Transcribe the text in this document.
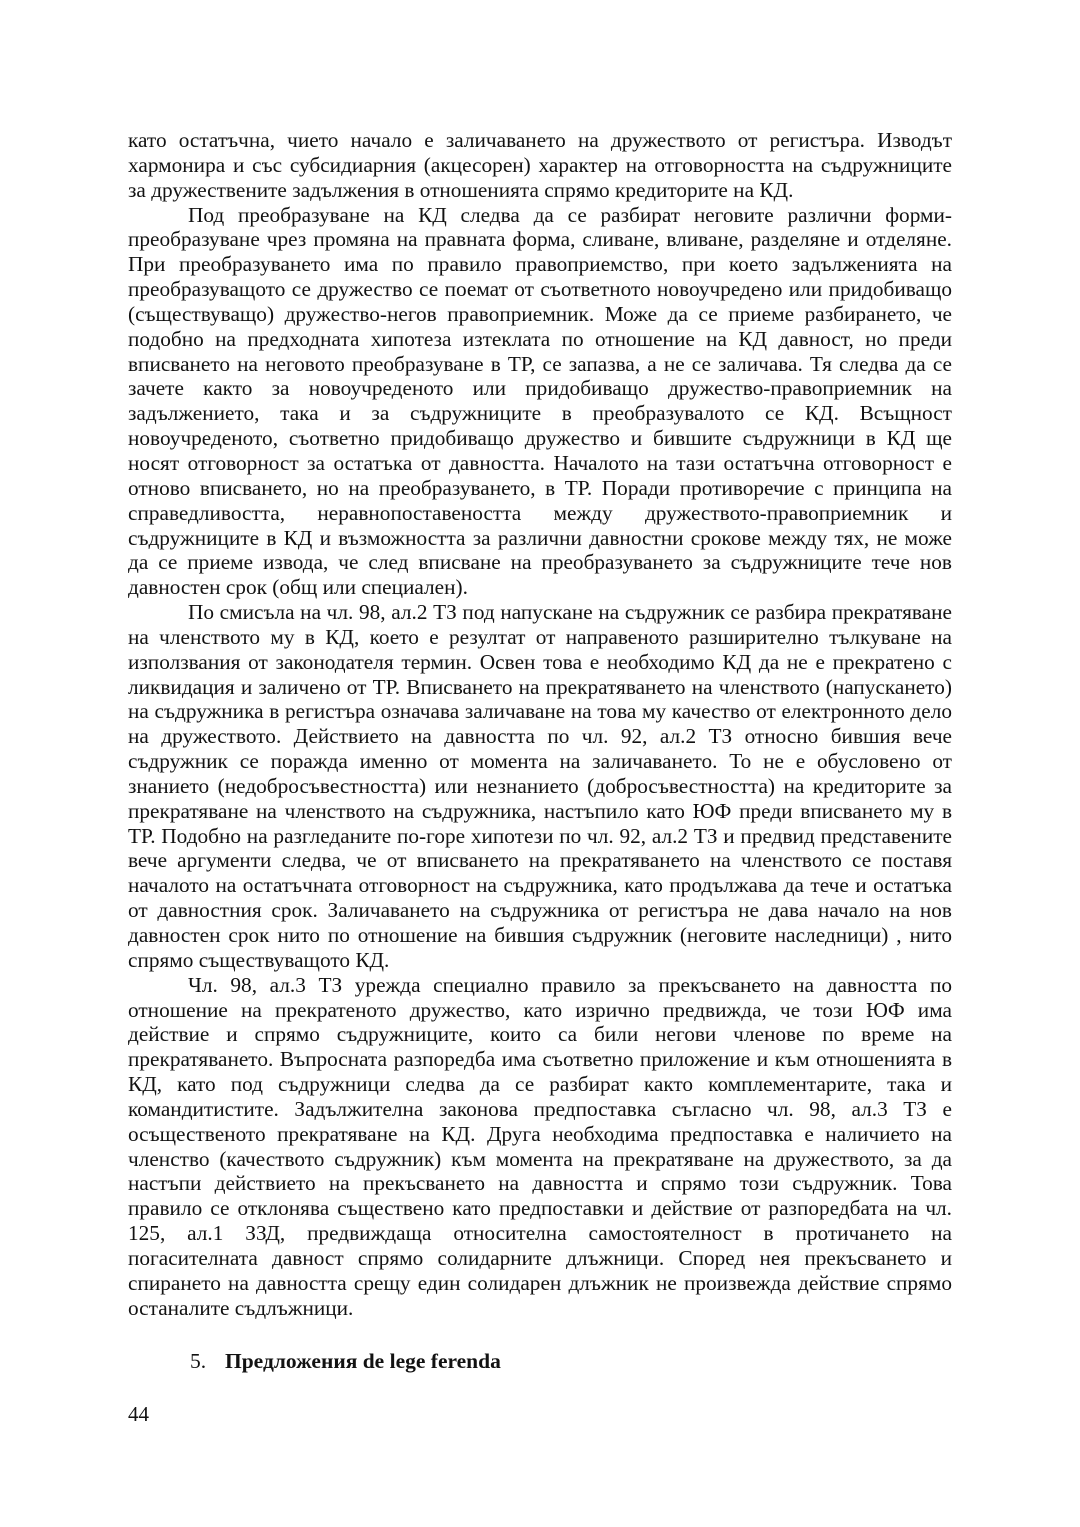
като остатъчна, чието начало е заличаването на дружеството от регистъра. Изводът хармонира и със субсидиарния (акцесорен) характер на отговорността на съдружниците за дружествените задължения в отношенията спрямо кредиторите на КД.

Под преобразуване на КД следва да се разбират неговите различни форми-преобразуване чрез промяна на правната форма, сливане, вливане, разделяне и отделяне. При преобразуването има по правило правоприемство, при което задълженията на преобразуващото се дружество се поемат от съответното новоучредено или придобиващо (съществуващо) дружество-негов правоприемник. Може да се приеме разбирането, че подобно на предходната хипотеза изтеклата по отношение на КД давност, но преди вписването на неговото преобразуване в ТР, се запазва, а не се заличава. Тя следва да се зачете както за новоучреденото или придобиващо дружество-правоприемник на задължението, така и за съдружниците в преобразувалото се КД. Всъщност новоучреденото, съответно придобиващо дружество и бившите съдружници в КД ще носят отговорност за остатъка от давността. Началото на тази остатъчна отговорност е отново вписването, но на преобразуването, в ТР. Поради противоречие с принципа на справедливостта, неравнопоставеността между дружеството-правоприемник и съдружниците в КД и възможността за различни давностни срокове между тях, не може да се приеме извода, че след вписване на преобразуването за съдружниците тече нов давностен срок (общ или специален).

По смисъла на чл. 98, ал.2 ТЗ под напускане на съдружник се разбира прекратяване на членството му в КД, което е резултат от направеното разширително тълкуване на използвания от законодателя термин. Освен това е необходимо КД да не е прекратено с ликвидация и заличено от ТР. Вписването на прекратяването на членството (напускането) на съдружника в регистъра означава заличаване на това му качество от електронното дело на дружеството. Действието на давността по чл. 92, ал.2 ТЗ относно бившия вече съдружник се поражда именно от момента на заличаването. То не е обусловено от знанието (недобросъвестността) или незнанието (добросъвестността) на кредиторите за прекратяване на членството на съдружника, настъпило като ЮФ преди вписването му в ТР. Подобно на разгледаните по-горе хипотези по чл. 92, ал.2 ТЗ и предвид представените вече аргументи следва, че от вписването на прекратяването на членството се поставя началото на остатъчната отговорност на съдружника, като продължава да тече и остатъка от давностния срок. Заличаването на съдружника от регистъра не дава начало на нов давностен срок нито по отношение на бившия съдружник (неговите наследници) , нито спрямо съществуващото КД.

Чл. 98, ал.3 ТЗ урежда специално правило за прекъсването на давността по отношение на прекратеното дружество, като изрично предвижда, че този ЮФ има действие и спрямо съдружниците, които са били негови членове по време на прекратяването. Въпросната разпоредба има съответно приложение и към отношенията в КД, като под съдружници следва да се разбират както комплементарите, така и командитистите. Задължителна законова предпоставка съгласно чл. 98, ал.3 ТЗ е осъщественото прекратяване на КД. Друга необходима предпоставка е наличието на членство (качеството съдружник) към момента на прекратяване на дружеството, за да настъпи действието на прекъсването на давността и спрямо този съдружник. Това правило се отклонява съществено като предпоставки и действие от разпоредбата на чл. 125, ал.1 ЗЗД, предвиждаща относителна самостоятелност в протичането на погасителната давност спрямо солидарните длъжници. Според нея прекъсването и спирането на давността срещу един солидарен длъжник не произвежда действие спрямо останалите съдлъжници.

5. Предложения de lege ferenda
44
